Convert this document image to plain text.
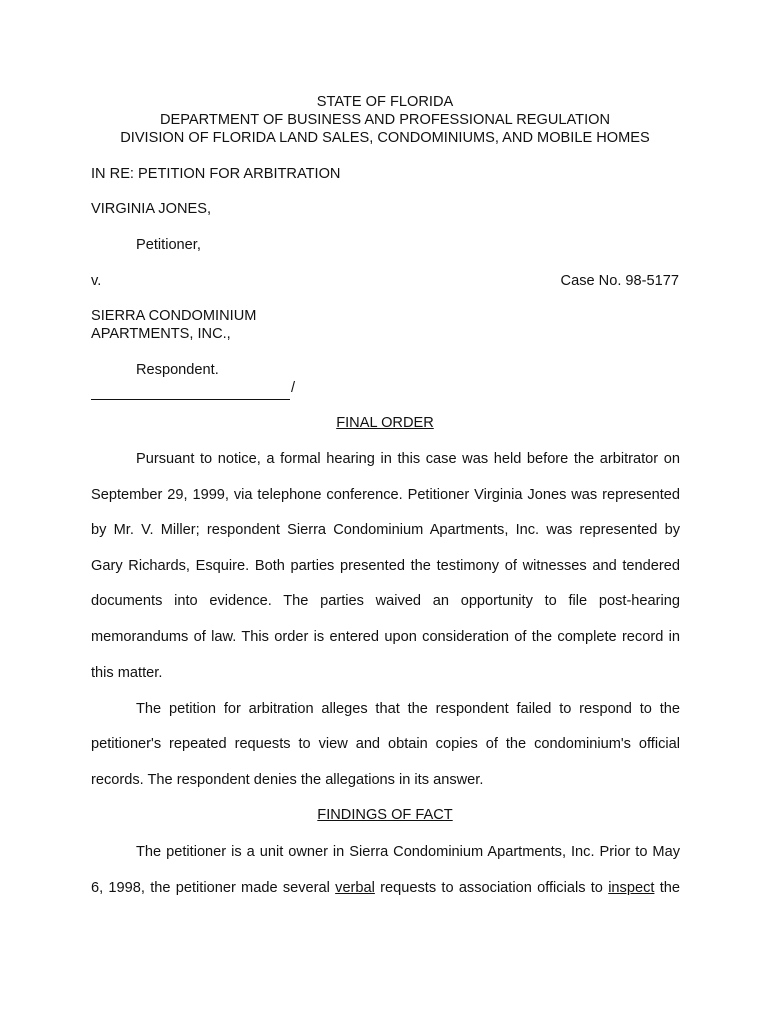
STATE OF FLORIDA
DEPARTMENT OF BUSINESS AND PROFESSIONAL REGULATION
DIVISION OF FLORIDA LAND SALES, CONDOMINIUMS, AND MOBILE HOMES
IN RE: PETITION FOR ARBITRATION
VIRGINIA JONES,
Petitioner,
v.	Case No. 98-5177
SIERRA CONDOMINIUM
APARTMENTS, INC.,
Respondent.
/
FINAL ORDER
Pursuant to notice, a formal hearing in this case was held before the arbitrator on
September 29, 1999, via telephone conference. Petitioner Virginia Jones was represented
by Mr. V. Miller; respondent Sierra Condominium Apartments, Inc. was represented by
Gary Richards, Esquire. Both parties presented the testimony of witnesses and tendered
documents into evidence. The parties waived an opportunity to file post-hearing
memorandums of law. This order is entered upon consideration of the complete record in
this matter.
The petition for arbitration alleges that the respondent failed to respond to the
petitioner's repeated requests to view and obtain copies of the condominium's official
records. The respondent denies the allegations in its answer.
FINDINGS OF FACT
The petitioner is a unit owner in Sierra Condominium Apartments, Inc. Prior to May
6, 1998, the petitioner made several verbal requests to association officials to inspect the
